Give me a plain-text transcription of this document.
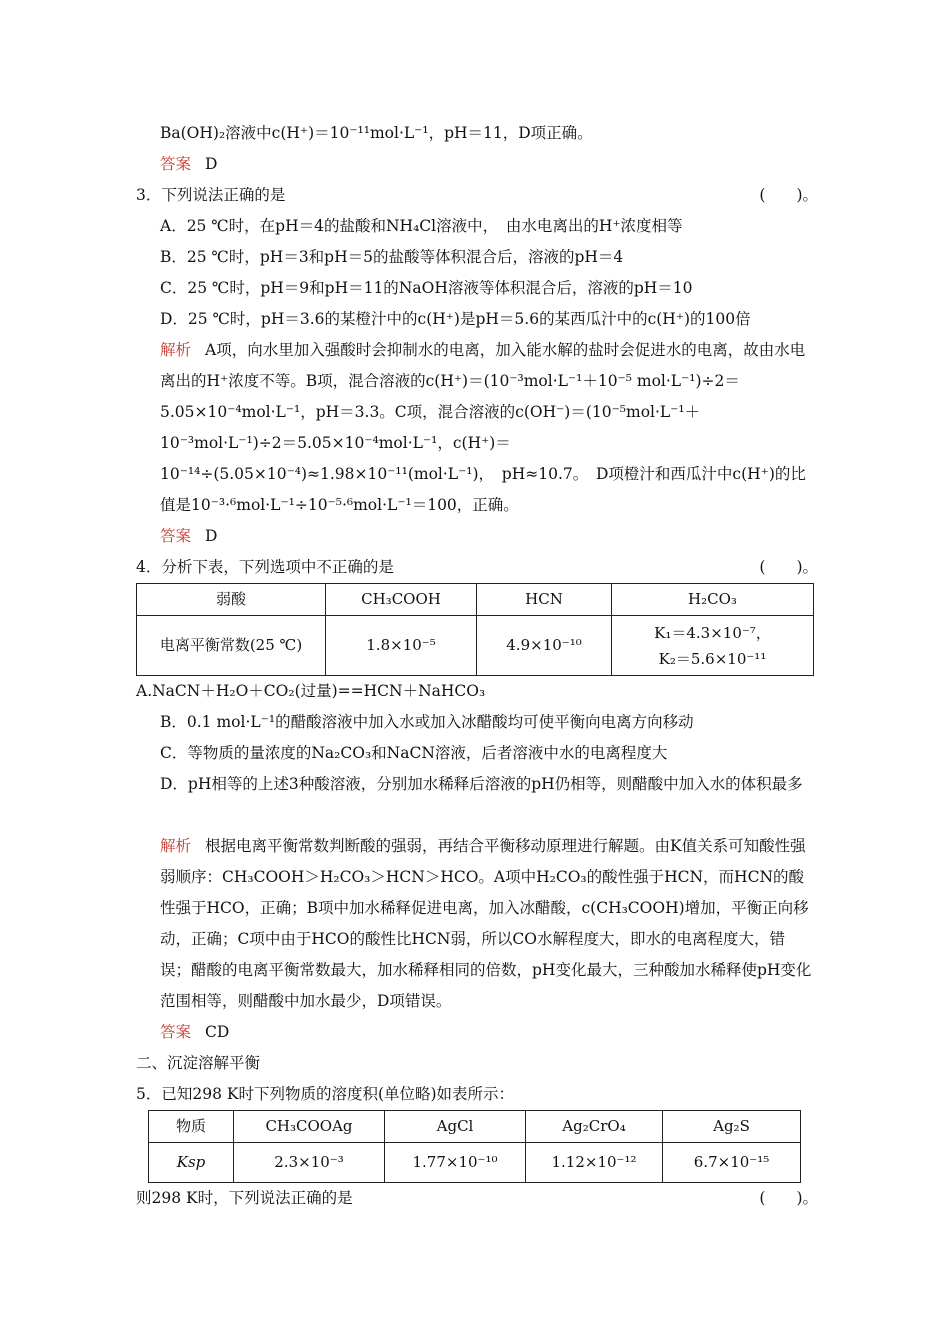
Ba(OH)₂溶液中c(H⁺)＝10⁻¹¹mol·L⁻¹，pH＝11，D项正确。
答案 D
3．下列说法正确的是	(　　)。
A．25 ℃时，在pH＝4的盐酸和NH₄Cl溶液中，　由水电离出的H⁺浓度相等
B．25 ℃时，pH＝3和pH＝5的盐酸等体积混合后，溶液的pH＝4
C．25 ℃时，pH＝9和pH＝11的NaOH溶液等体积混合后，溶液的pH＝10
D．25 ℃时，pH＝3.6的某橙汁中的c(H⁺)是pH＝5.6的某西瓜汁中的c(H⁺)的100倍
解析 A项，向水里加入强酸时会抑制水的电离，加入能水解的盐时会促进水的电离，故由水电离出的H⁺浓度不等。B项，混合溶液的c(H⁺)＝(10⁻³mol·L⁻¹＋10⁻⁵ mol·L⁻¹)÷2＝5.05×10⁻⁴mol·L⁻¹，pH＝3.3。C项，混合溶液的c(OH⁻)＝(10⁻⁵mol·L⁻¹＋10⁻³mol·L⁻¹)÷2＝5.05×10⁻⁴mol·L⁻¹，c(H⁺)＝10⁻¹⁴÷(5.05×10⁻⁴)≈1.98×10⁻¹¹(mol·L⁻¹)，　pH≈10.7。　D项橙汁和西瓜汁中c(H⁺)的比值是10⁻³·⁶mol·L⁻¹÷10⁻⁵·⁶mol·L⁻¹＝100，正确。
答案 D
4．分析下表，下列选项中不正确的是	(　　)。
弱酸	CH₃COOH	HCN	H₂CO₃
电离平衡常数(25 ℃)	1.8×10⁻⁵	4.9×10⁻¹⁰	K₁＝4.3×10⁻⁷，
K₂＝5.6×10⁻¹¹
A.NaCN＋H₂O＋CO₂(过量)==HCN＋NaHCO₃
B．0.1 mol·L⁻¹的醋酸溶液中加入水或加入冰醋酸均可使平衡向电离方向移动
C．等物质的量浓度的Na₂CO₃和NaCN溶液，后者溶液中水的电离程度大
D．pH相等的上述3种酸溶液，分别加水稀释后溶液的pH仍相等，则醋酸中加入水的体积最多
解析 根据电离平衡常数判断酸的强弱，再结合平衡移动原理进行解题。由K值关系可知酸性强弱顺序：CH₃COOH＞H₂CO₃＞HCN＞HCO。A项中H₂CO₃的酸性强于HCN，而HCN的酸性强于HCO，正确；B项中加水稀释促进电离，加入冰醋酸，c(CH₃COOH)增加，平衡正向移动，正确；C项中由于HCO的酸性比HCN弱，所以CO水解程度大，即水的电离程度大，错误；醋酸的电离平衡常数最大，加水稀释相同的倍数，pH变化最大，三种酸加水稀释使pH变化范围相等，则醋酸中加水最少，D项错误。
答案 CD
二、沉淀溶解平衡
5．已知298 K时下列物质的溶度积(单位略)如表所示：
物质	CH₃COOAg	AgCl	Ag₂CrO₄	Ag₂S
Ksp	2.3×10⁻³	1.77×10⁻¹⁰	1.12×10⁻¹²	6.7×10⁻¹⁵
则298 K时，下列说法正确的是	(　　)。
